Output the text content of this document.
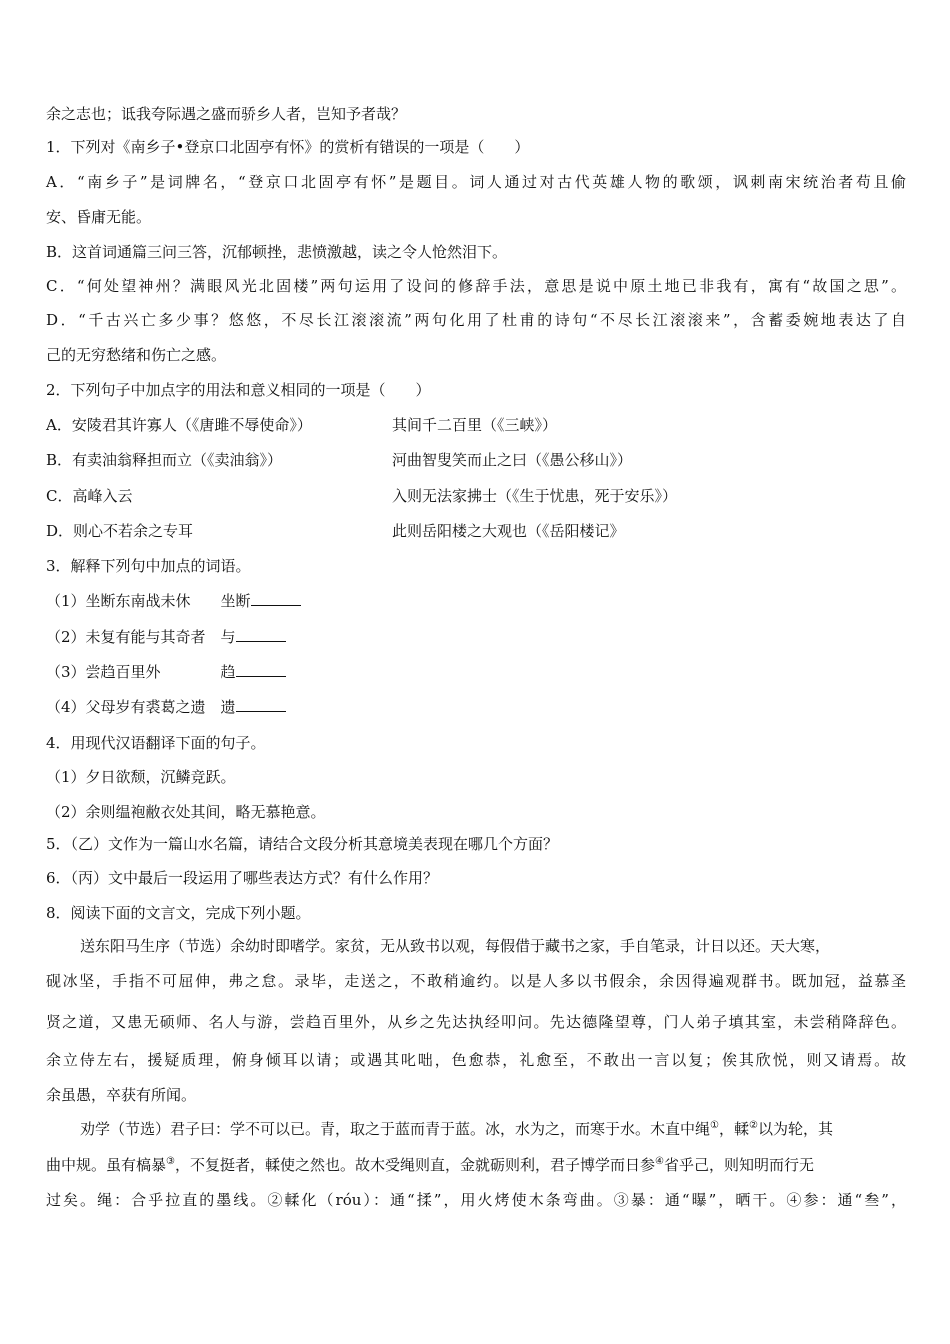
余之志也；诋我夸际遇之盛而骄乡人者，岂知予者哉？
1．下列对《南乡子•登京口北固亭有怀》的赏析有错误的一项是（　　）
A．“南乡子”是词牌名，“登京口北固亭有怀”是题目。词人通过对古代英雄人物的歌颂，讽刺南宋统治者苟且偷
安、昏庸无能。
B．这首词通篇三问三答，沉郁顿挫，悲愤激越，读之令人怆然泪下。
C．“何处望神州？满眼风光北固楼”两句运用了设问的修辞手法，意思是说中原土地已非我有，寓有“故国之思”。
D．“千古兴亡多少事？悠悠，不尽长江滚滚流”两句化用了杜甫的诗句“不尽长江滚滚来”，含蓄委婉地表达了自
己的无穷愁绪和伤亡之感。
2．下列句子中加点字的用法和意义相同的一项是（　　）
A．安陵君其许寡人（《唐雎不辱使命》）	其间千二百里（《三峡》）
B．有卖油翁释担而立（《卖油翁》）	河曲智叟笑而止之曰（《愚公移山》）
C．高峰入云	入则无法家拂士（《生于忧患，死于安乐》）
D．则心不若余之专耳	此则岳阳楼之大观也（《岳阳楼记》
3．解释下列句中加点的词语。
（1）坐断东南战未休　　坐断
（2）未复有能与其奇者　与
（3）尝趋百里外　　　　趋
（4）父母岁有裘葛之遗　遗
4．用现代汉语翻译下面的句子。
（1）夕日欲颓，沉鳞竞跃。
（2）余则缊袍敝衣处其间，略无慕艳意。
5．（乙）文作为一篇山水名篇，请结合文段分析其意境美表现在哪几个方面？
6．（丙）文中最后一段运用了哪些表达方式？有什么作用？
8．阅读下面的文言文，完成下列小题。
送东阳马生序（节选）余幼时即嗜学。家贫，无从致书以观，每假借于藏书之家，手自笔录，计日以还。天大寒，
砚冰坚，手指不可屈伸，弗之怠。录毕，走送之，不敢稍逾约。以是人多以书假余，余因得遍观群书。既加冠，益慕圣
贤之道，又患无硕师、名人与游，尝趋百里外，从乡之先达执经叩问。先达德隆望尊，门人弟子填其室，未尝稍降辞色。
余立侍左右，援疑质理，俯身倾耳以请；或遇其叱咄，色愈恭，礼愈至，不敢出一言以复；俟其欣悦，则又请焉。故
余虽愚，卒获有所闻。
劝学（节选）君子曰：学不可以已。青，取之于蓝而青于蓝。冰，水为之，而寒于水。木直中绳①，輮②以为轮，其
曲中规。虽有槁暴③，不复挺者，輮使之然也。故木受绳则直，金就砺则利，君子博学而日参④省乎己，则知明而行无
过矣。绳：合乎拉直的墨线。②輮化（róu）：通“揉”，用火烤使木条弯曲。③暴：通“曝”，晒干。④参：通“叁”，
